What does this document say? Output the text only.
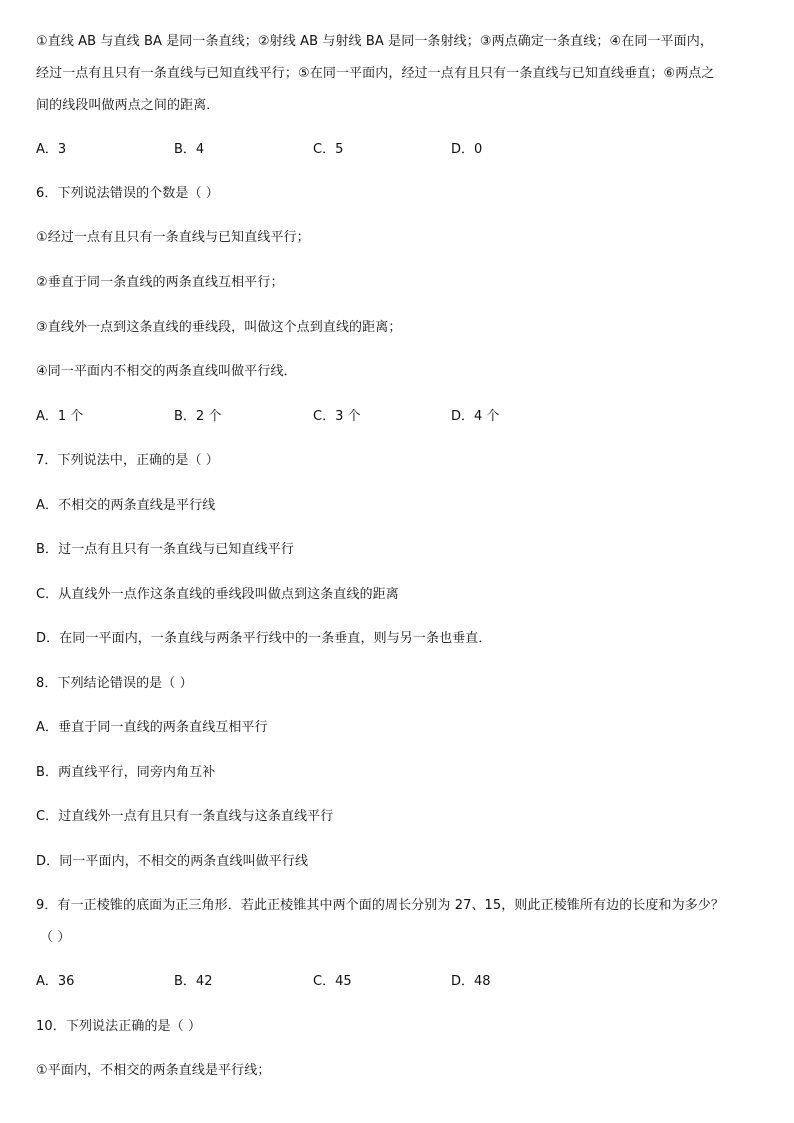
①直线 AB 与直线 BA 是同一条直线；②射线 AB 与射线 BA 是同一条射线；③两点确定一条直线；④在同一平面内，
经过一点有且只有一条直线与已知直线平行；⑤在同一平面内，经过一点有且只有一条直线与已知直线垂直；⑥两点之
间的线段叫做两点之间的距离．
A．3	B．4	C．5	D．0
6．下列说法错误的个数是（ ）
①经过一点有且只有一条直线与已知直线平行；
②垂直于同一条直线的两条直线互相平行；
③直线外一点到这条直线的垂线段，叫做这个点到直线的距离；
④同一平面内不相交的两条直线叫做平行线．
A．1 个	B．2 个	C．3 个	D．4 个
7．下列说法中，正确的是（ ）
A．不相交的两条直线是平行线
B．过一点有且只有一条直线与已知直线平行
C．从直线外一点作这条直线的垂线段叫做点到这条直线的距离
D．在同一平面内，一条直线与两条平行线中的一条垂直，则与另一条也垂直．
8．下列结论错误的是（ ）
A．垂直于同一直线的两条直线互相平行
B．两直线平行，同旁内角互补
C．过直线外一点有且只有一条直线与这条直线平行
D．同一平面内，不相交的两条直线叫做平行线
9．有一正棱锥的底面为正三角形．若此正棱锥其中两个面的周长分别为 27、15，则此正棱锥所有边的长度和为多少？
（ ）
A．36	B．42	C．45	D．48
10．下列说法正确的是（ ）
①平面内，不相交的两条直线是平行线；
